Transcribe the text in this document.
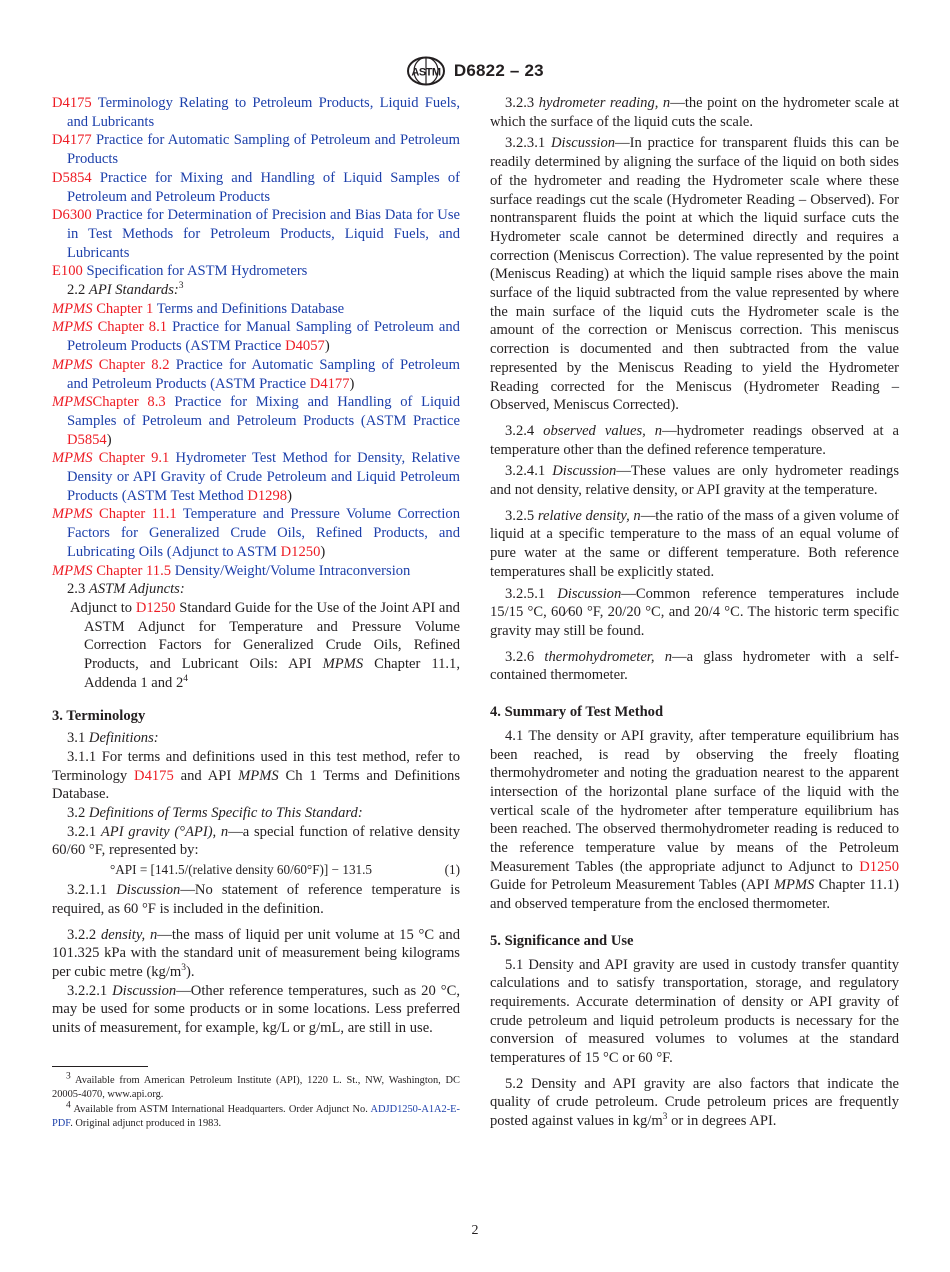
ASTM D6822 – 23

D4175 Terminology Relating to Petroleum Products, Liquid Fuels, and Lubricants

D4177 Practice for Automatic Sampling of Petroleum and Petroleum Products

D5854 Practice for Mixing and Handling of Liquid Samples of Petroleum and Petroleum Products

D6300 Practice for Determination of Precision and Bias Data for Use in Test Methods for Petroleum Products, Liquid Fuels, and Lubricants

E100 Specification for ASTM Hydrometers

2.2 API Standards:$^3$

MPMS Chapter 1 Terms and Definitions Database

MPMS Chapter 8.1 Practice for Manual Sampling of Petroleum and Petroleum Products (ASTM Practice D4057)

MPMS Chapter 8.2 Practice for Automatic Sampling of Petroleum and Petroleum Products (ASTM Practice D4177)

MPMSChapter 8.3 Practice for Mixing and Handling of Liquid Samples of Petroleum and Petroleum Products (ASTM Practice D5854)

MPMS Chapter 9.1 Hydrometer Test Method for Density, Relative Density or API Gravity of Crude Petroleum and Liquid Petroleum Products (ASTM Test Method D1298)

MPMS Chapter 11.1 Temperature and Pressure Volume Correction Factors for Generalized Crude Oils, Refined Products, and Lubricating Oils (Adjunct to ASTM D1250)

MPMS Chapter 11.5 Density/Weight/Volume Intraconversion

2.3 ASTM Adjuncts:

Adjunct to D1250 Standard Guide for the Use of the Joint API and ASTM Adjunct for Temperature and Pressure Volume Correction Factors for Generalized Crude Oils, Refined Products, and Lubricant Oils: API MPMS Chapter 11.1, Addenda 1 and $2^4$

3. Terminology

3.1 Definitions:

3.1.1 For terms and definitions used in this test method, refer to Terminology D4175 and API MPMS Ch 1 Terms and Definitions Database.

3.2 Definitions of Terms Specific to This Standard:

3.2.1 API gravity (°API), n—a special function of relative density 60/60 °F, represented by:

°API = [141.5/(relative density 60/60°F)] − 131.5	(1)

3.2.1.1 Discussion—No statement of reference temperature is required, as 60 °F is included in the definition.

3.2.2 density, n—the mass of liquid per unit volume at 15 °C and 101.325 kPa with the standard unit of measurement being kilograms per cubic metre $(kg/m^3)$.

3.2.2.1 Discussion—Other reference temperatures, such as 20 °C, may be used for some products or in some locations. Less preferred units of measurement, for example, kg/L or g/mL, are still in use.

3 Available from American Petroleum Institute (API), 1220 L. St., NW, Washington, DC 20005-4070, www.api.org.

4 Available from ASTM International Headquarters. Order Adjunct No. ADJD1250-A1A2-E-PDF. Original adjunct produced in 1983.

3.2.3 hydrometer reading, n—the point on the hydrometer scale at which the surface of the liquid cuts the scale.

3.2.3.1 Discussion—In practice for transparent fluids this can be readily determined by aligning the surface of the liquid on both sides of the hydrometer and reading the Hydrometer scale where these surface readings cut the scale (Hydrometer Reading – Observed). For nontransparent fluids the point at which the liquid surface cuts the Hydrometer scale cannot be determined directly and requires a correction (Meniscus Correction). The value represented by the point (Meniscus Reading) at which the liquid sample rises above the main surface of the liquid subtracted from the value represented by where the main surface of the liquid cuts the Hydrometer scale is the amount of the correction or Meniscus correction. This meniscus correction is documented and then subtracted from the value represented by the Meniscus Reading to yield the Hydrometer Reading corrected for the Meniscus (Hydrometer Reading – Observed, Meniscus Corrected).

3.2.4 observed values, n—hydrometer readings observed at a temperature other than the defined reference temperature.

3.2.4.1 Discussion—These values are only hydrometer readings and not density, relative density, or API gravity at the temperature.

3.2.5 relative density, n—the ratio of the mass of a given volume of liquid at a specific temperature to the mass of an equal volume of pure water at the same or different temperature. Both reference temperatures shall be explicitly stated.

3.2.5.1 Discussion—Common reference temperatures include 15/15 °C, 60⁄60 °F, 20/20 °C, and 20/4 °C. The historic term specific gravity may still be found.

3.2.6 thermohydrometer, n—a glass hydrometer with a self-contained thermometer.

4. Summary of Test Method

4.1 The density or API gravity, after temperature equilibrium has been reached, is read by observing the freely floating thermohydrometer and noting the graduation nearest to the apparent intersection of the horizontal plane surface of the liquid with the vertical scale of the hydrometer after temperature equilibrium has been reached. The observed thermohydrometer reading is reduced to the reference temperature value by means of the Petroleum Measurement Tables (the appropriate adjunct to Adjunct to D1250 Guide for Petroleum Measurement Tables (API MPMS Chapter 11.1) and observed temperature from the enclosed thermometer.

5. Significance and Use

5.1 Density and API gravity are used in custody transfer quantity calculations and to satisfy transportation, storage, and regulatory requirements. Accurate determination of density or API gravity of crude petroleum and liquid petroleum products is necessary for the conversion of measured volumes to volumes at the standard temperatures of 15 °C or 60 °F.

5.2 Density and API gravity are also factors that indicate the quality of crude petroleum. Crude petroleum prices are frequently posted against values in $kg/m^3$ or in degrees API.

2
